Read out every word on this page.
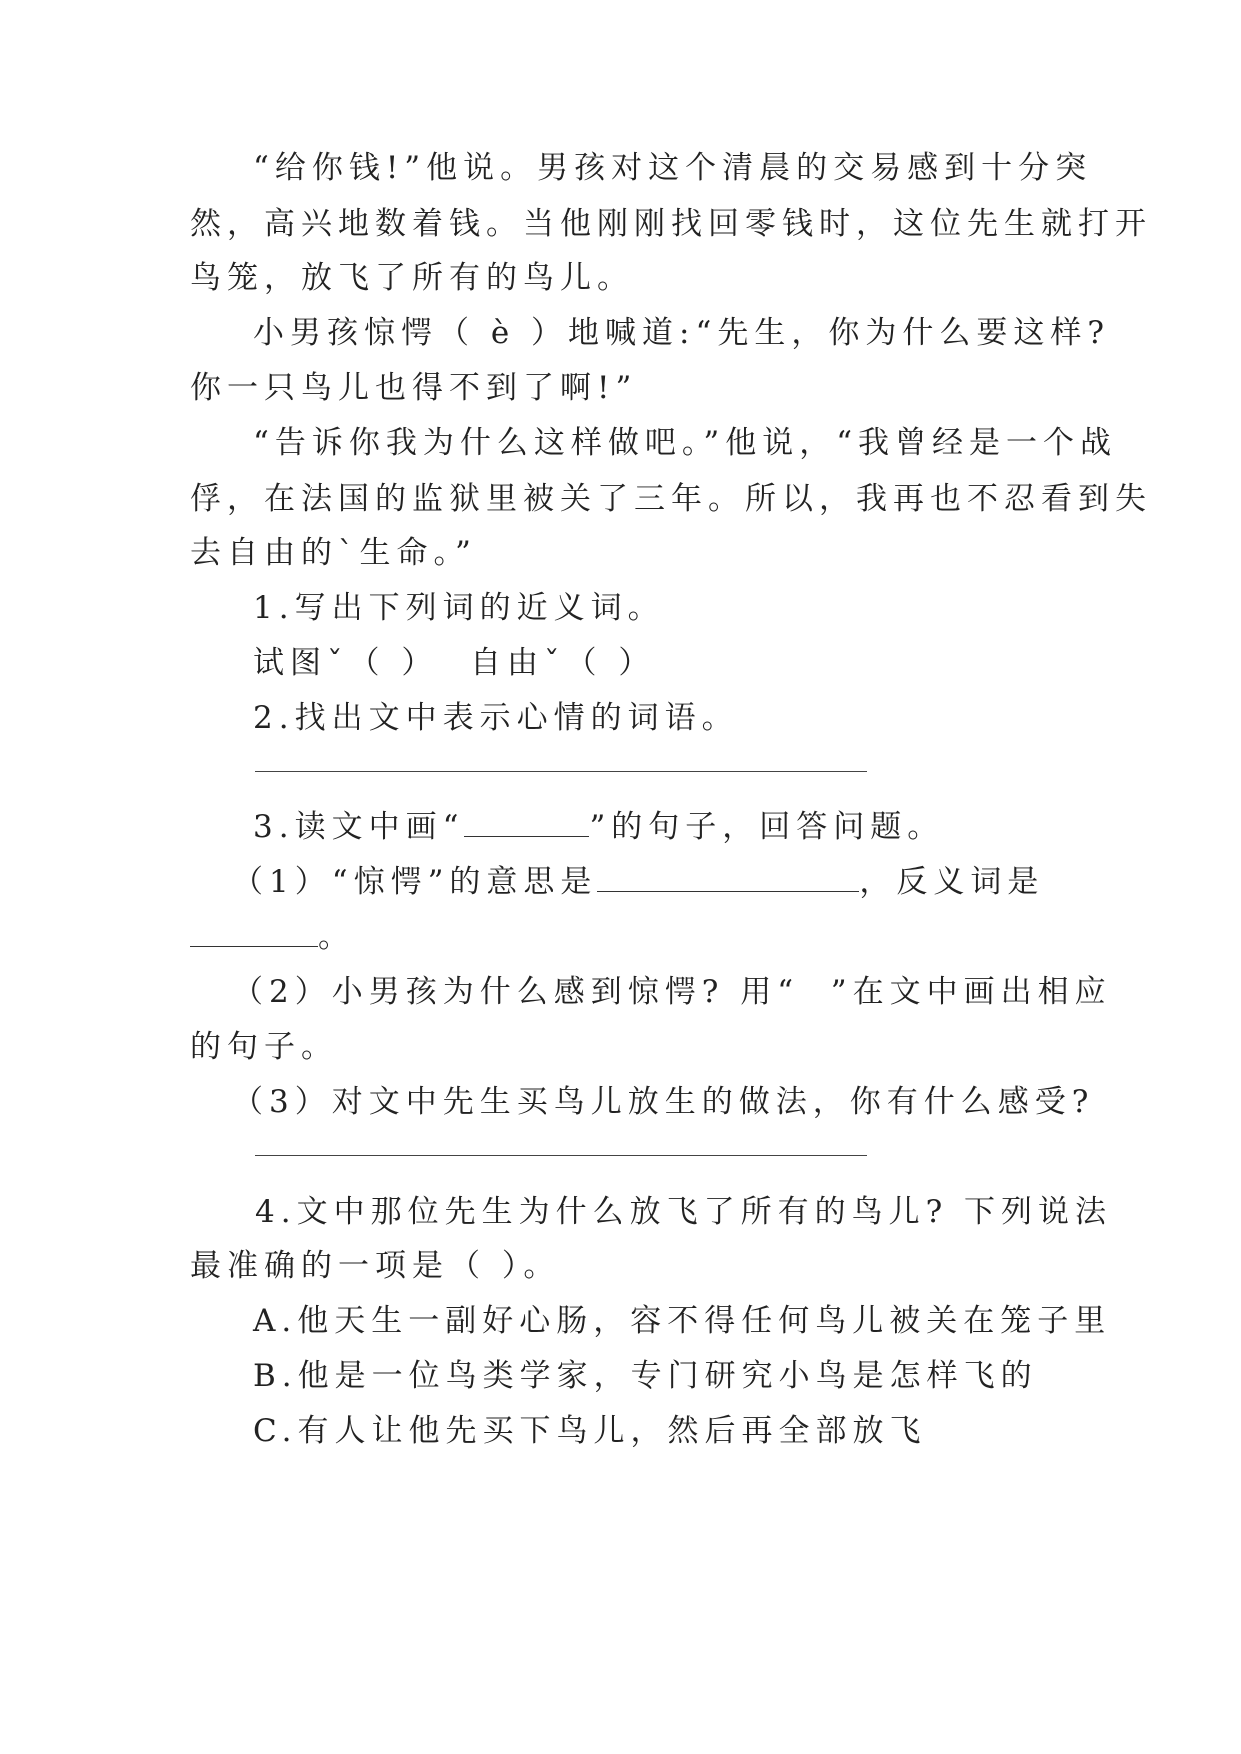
“给你钱!”他说。男孩对这个清晨的交易感到十分突
然，高兴地数着钱。当他刚刚找回零钱时，这位先生就打开
鸟笼，放飞了所有的鸟儿。
小男孩惊愕（ è ）地喊道:“先生，你为什么要这样?
你一只鸟儿也得不到了啊!”
“告诉你我为什么这样做吧。”他说，“我曾经是一个战
俘，在法国的监狱里被关了三年。所以，我再也不忍看到失
去自由的`生命。”
1.写出下列词的近义词。
试图ˇ（ ）  自由ˇ（ ）
2.找出文中表示心情的词语。
3.读文中画“	”的句子，回答问题。
（1）“惊愕”的意思是	，反义词是
。
（2）小男孩为什么感到惊愕? 用“  ”在文中画出相应
的句子。
（3）对文中先生买鸟儿放生的做法，你有什么感受?
4.文中那位先生为什么放飞了所有的鸟儿? 下列说法
最准确的一项是（ ）。
A.他天生一副好心肠，容不得任何鸟儿被关在笼子里
B.他是一位鸟类学家，专门研究小鸟是怎样飞的
C.有人让他先买下鸟儿，然后再全部放飞
